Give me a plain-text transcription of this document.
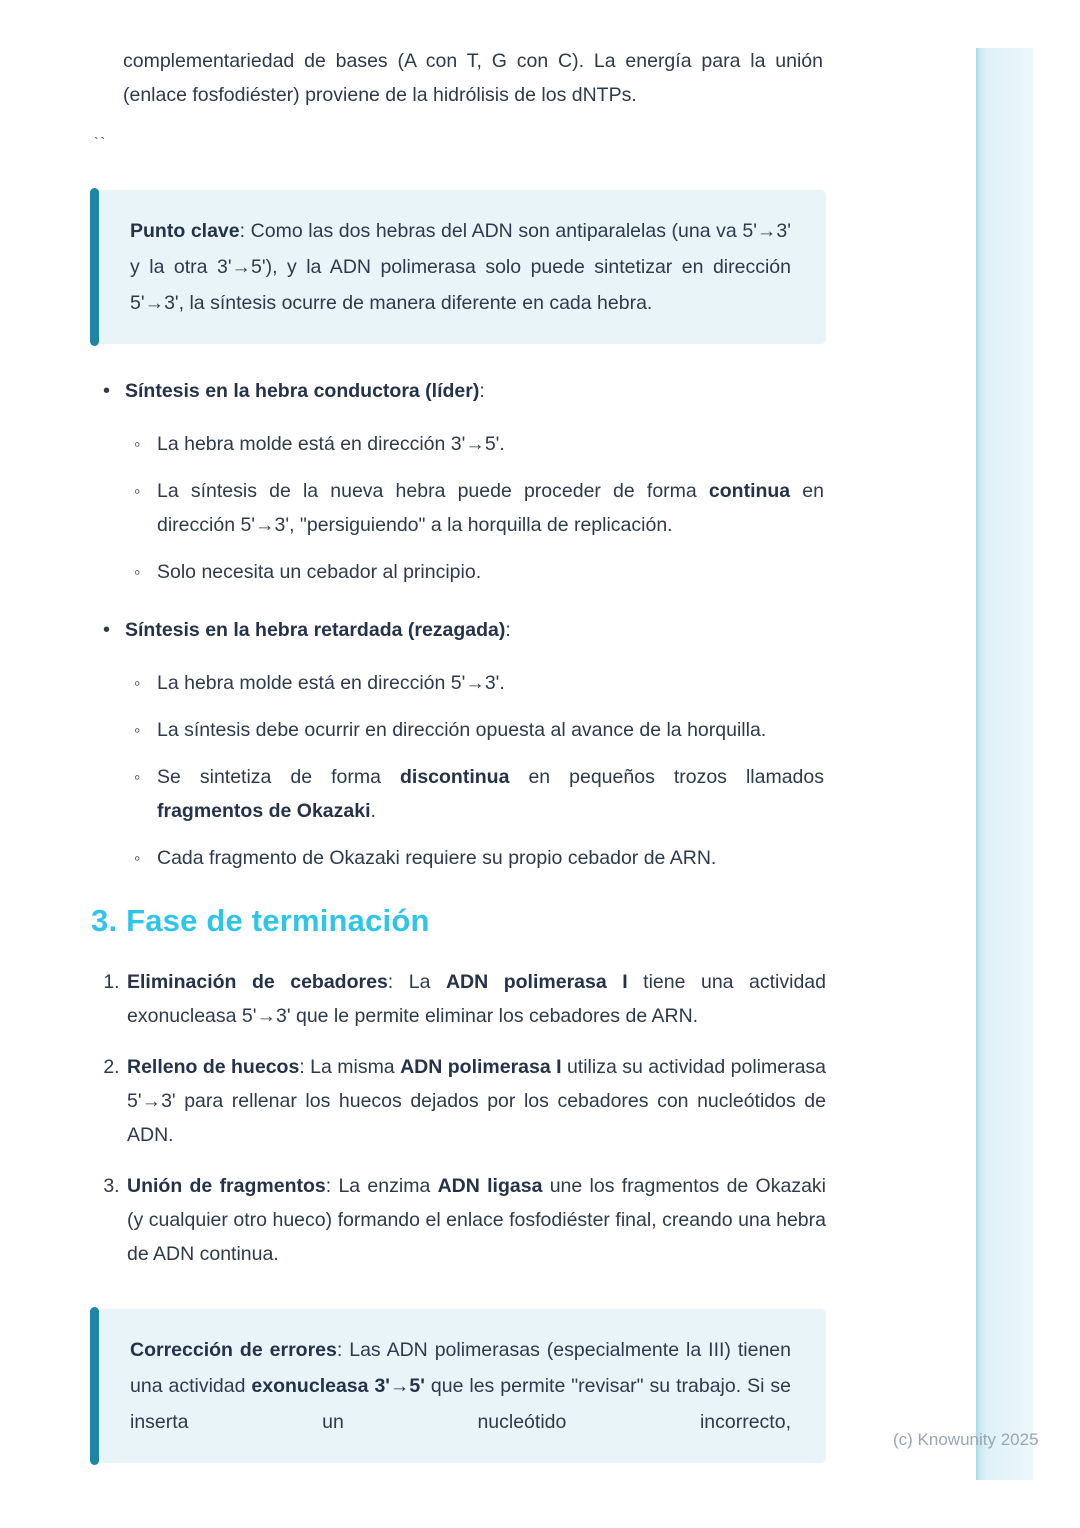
complementariedad de bases (A con T, G con C). La energía para la unión (enlace fosfodiéster) proviene de la hidrólisis de los dNTPs.

``

Punto clave: Como las dos hebras del ADN son antiparalelas (una va 5'→3' y la otra 3'→5'), y la ADN polimerasa solo puede sintetizar en dirección 5'→3', la síntesis ocurre de manera diferente en cada hebra.

• Síntesis en la hebra conductora (líder):

◦ La hebra molde está en dirección 3'→5'.
◦ La síntesis de la nueva hebra puede proceder de forma continua en dirección 5'→3', "persiguiendo" a la horquilla de replicación.
◦ Solo necesita un cebador al principio.

• Síntesis en la hebra retardada (rezagada):

◦ La hebra molde está en dirección 5'→3'.
◦ La síntesis debe ocurrir en dirección opuesta al avance de la horquilla.
◦ Se sintetiza de forma discontinua en pequeños trozos llamados fragmentos de Okazaki.
◦ Cada fragmento de Okazaki requiere su propio cebador de ARN.
3. Fase de terminación
1. Eliminación de cebadores: La ADN polimerasa I tiene una actividad exonucleasa 5'→3' que le permite eliminar los cebadores de ARN.
2. Relleno de huecos: La misma ADN polimerasa I utiliza su actividad polimerasa 5'→3' para rellenar los huecos dejados por los cebadores con nucleótidos de ADN.
3. Unión de fragmentos: La enzima ADN ligasa une los fragmentos de Okazaki (y cualquier otro hueco) formando el enlace fosfodiéster final, creando una hebra de ADN continua.

Corrección de errores: Las ADN polimerasas (especialmente la III) tienen una actividad exonucleasa 3'→5' que les permite "revisar" su trabajo. Si se inserta un nucleótido incorrecto,

(c) Knowunity 2025
